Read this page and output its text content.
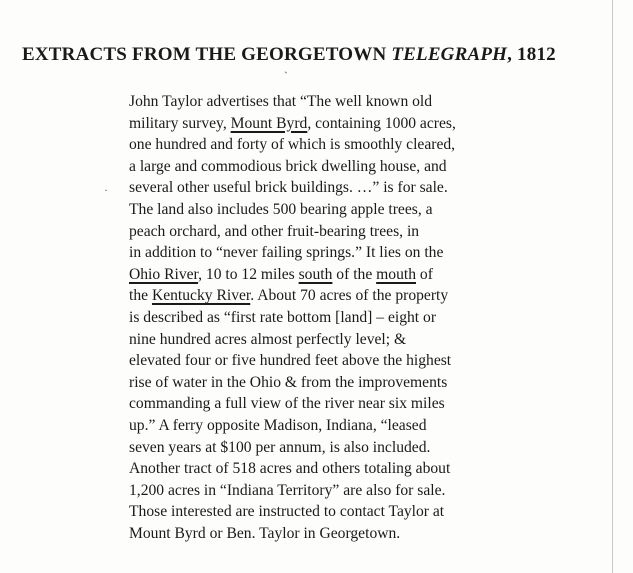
EXTRACTS FROM THE GEORGETOWN TELEGRAPH, 1812
ˋ
·
John Taylor advertises that “The well known old
military survey, Mount Byrd, containing 1000 acres,
one hundred and forty of which is smoothly cleared,
a large and commodious brick dwelling house, and
several other useful brick buildings. …” is for sale.
The land also includes 500 bearing apple trees, a
peach orchard, and other fruit-bearing trees, in
in addition to “never failing springs.” It lies on the
Ohio River, 10 to 12 miles south of the mouth of
the Kentucky River. About 70 acres of the property
is described as “first rate bottom [land] – eight or
nine hundred acres almost perfectly level; &
elevated four or five hundred feet above the highest
rise of water in the Ohio & from the improvements
commanding a full view of the river near six miles
up.” A ferry opposite Madison, Indiana, “leased
seven years at $100 per annum, is also included.
Another tract of 518 acres and others totaling about
1,200 acres in “Indiana Territory” are also for sale.
Those interested are instructed to contact Taylor at
Mount Byrd or Ben. Taylor in Georgetown.
